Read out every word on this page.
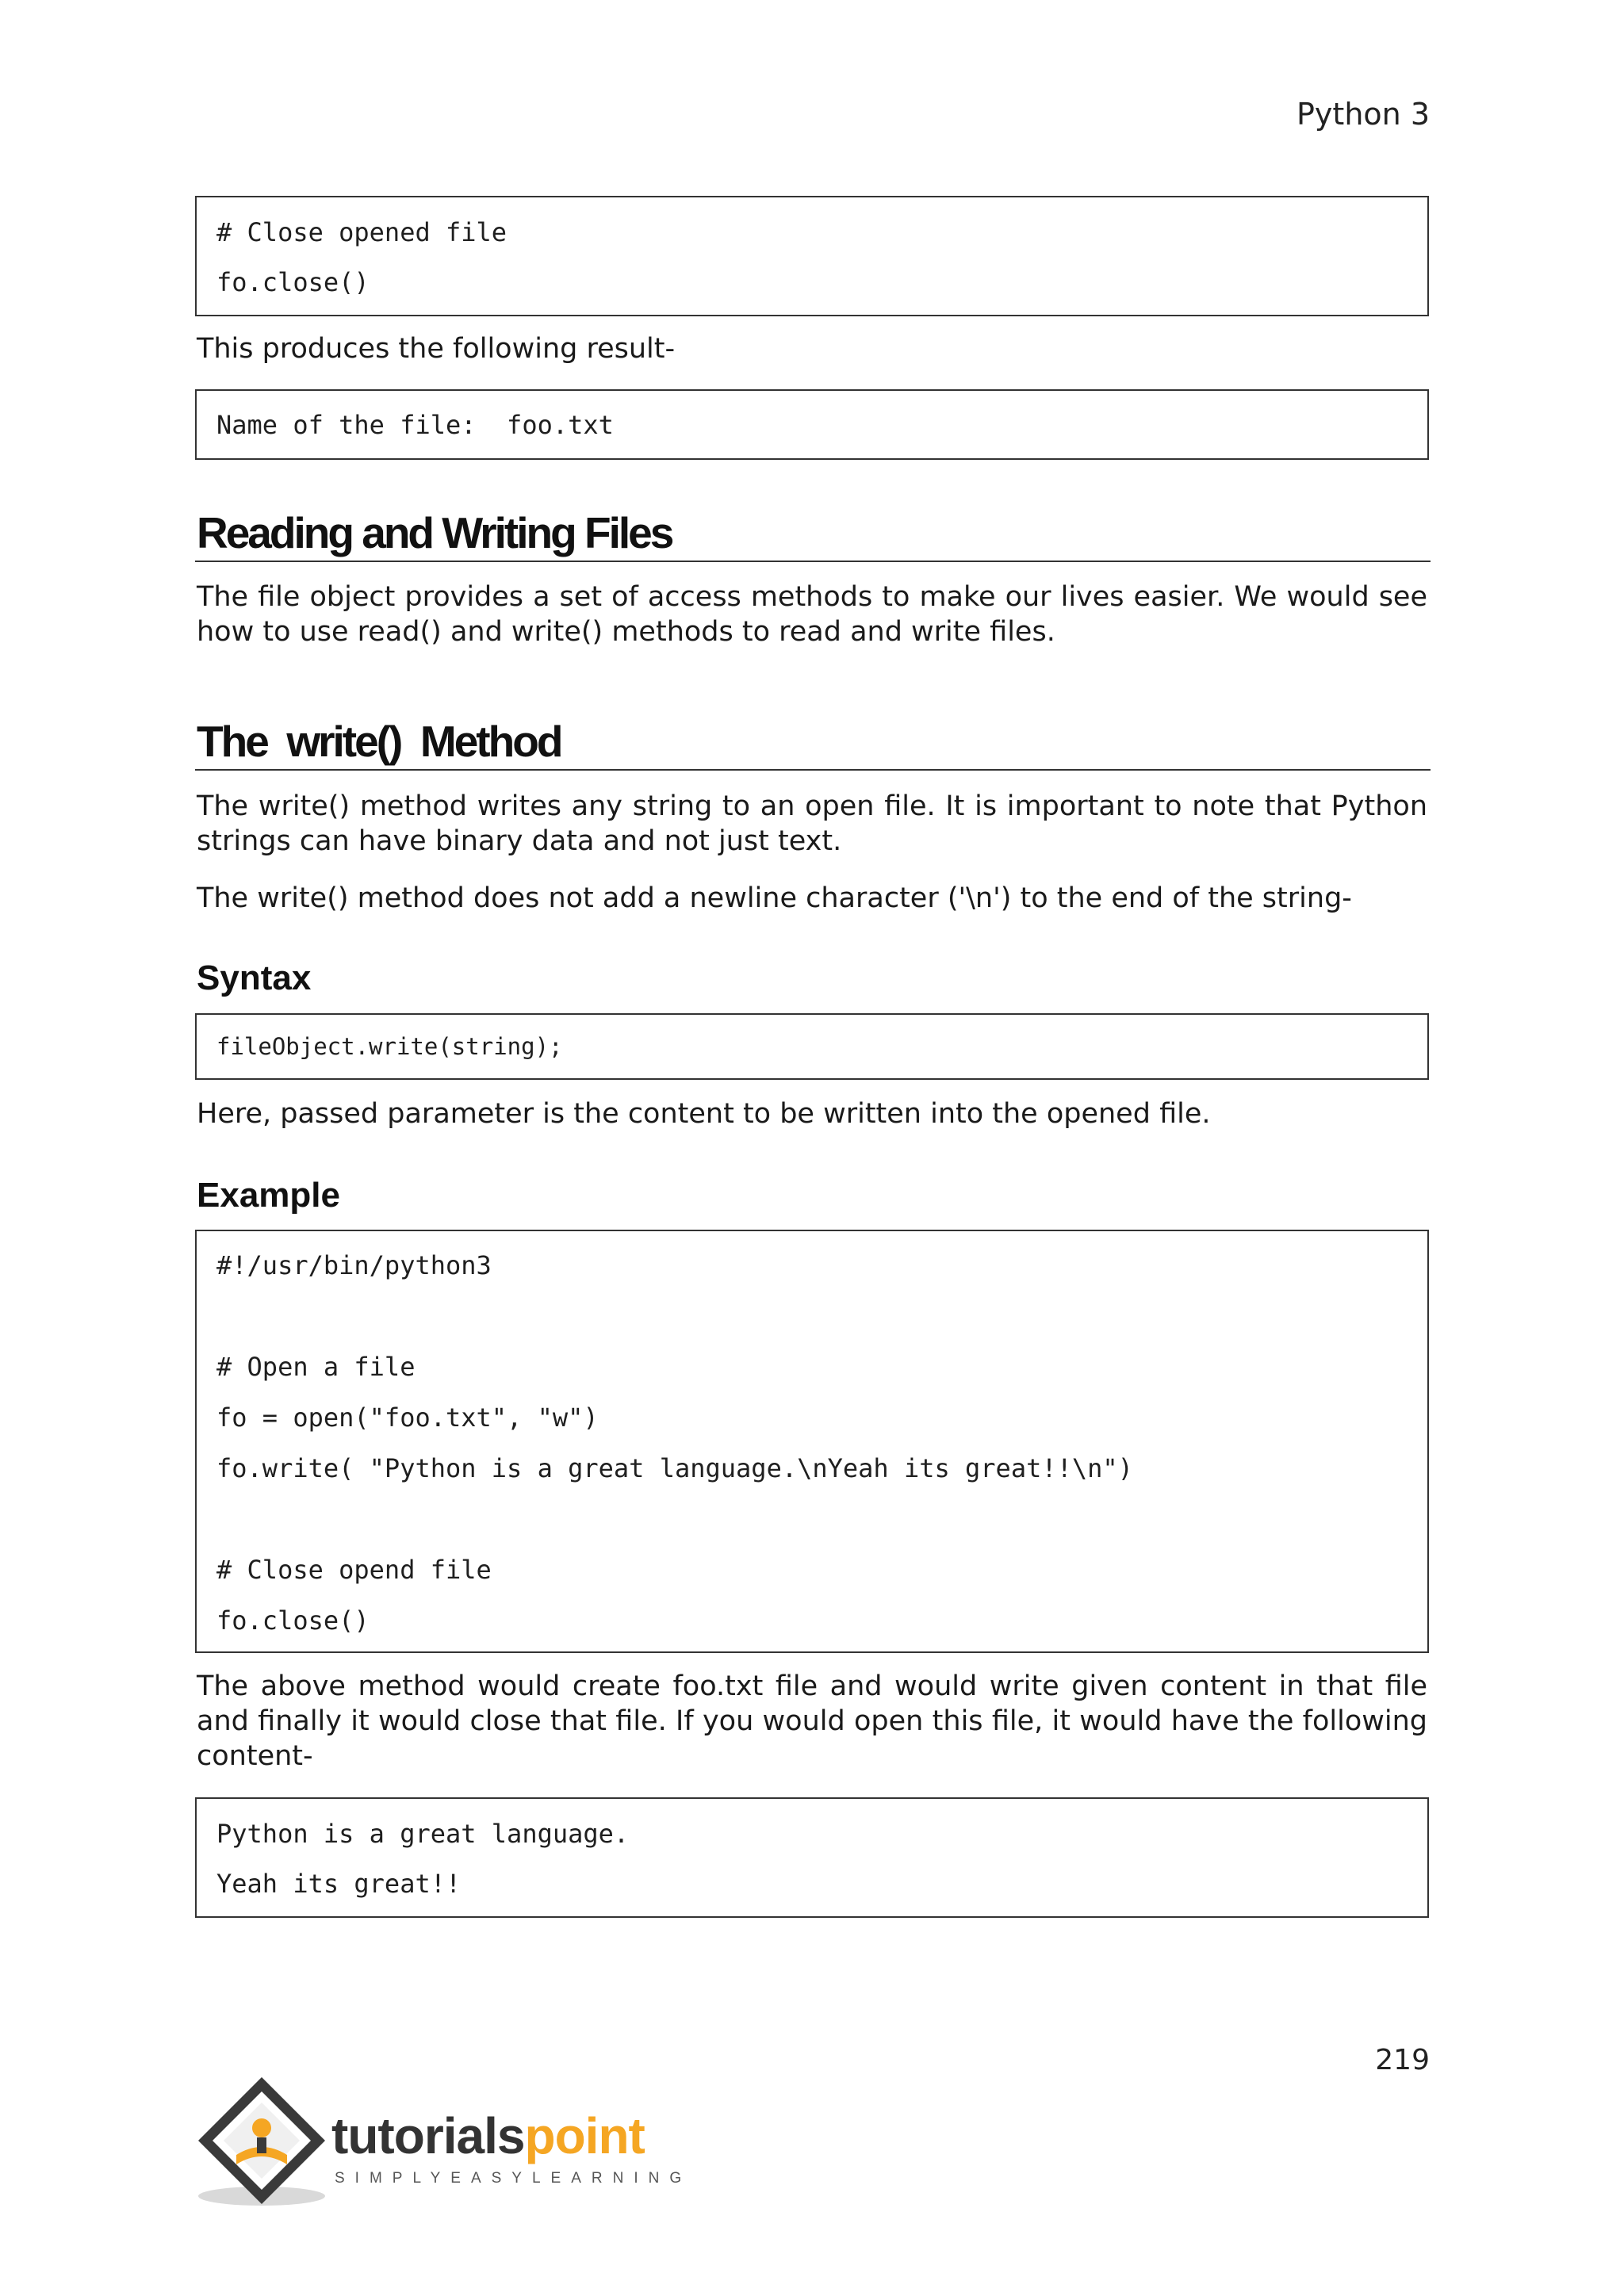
Python 3
# Close opened file
fo.close()
This produces the following result-
Name of the file:  foo.txt
Reading and Writing Files
The file object provides a set of access methods to make our lives easier. We would see how to use read() and write() methods to read and write files.
The  write()  Method
The write() method writes any string to an open file. It is important to note that Python strings can have binary data and not just text.
The write() method does not add a newline character ('\n') to the end of the string-
Syntax
fileObject.write(string);
Here, passed parameter is the content to be written into the opened file.
Example
#!/usr/bin/python3
# Open a file
fo = open("foo.txt", "w")
fo.write( "Python is a great language.\nYeah its great!!\n")
# Close opend file
fo.close()
The above method would create foo.txt file and would write given content in that file and finally it would close that file. If you would open this file, it would have the following content-
Python is a great language.
Yeah its great!!
219
tutorialspoint
SIMPLYEASYLEARNING
